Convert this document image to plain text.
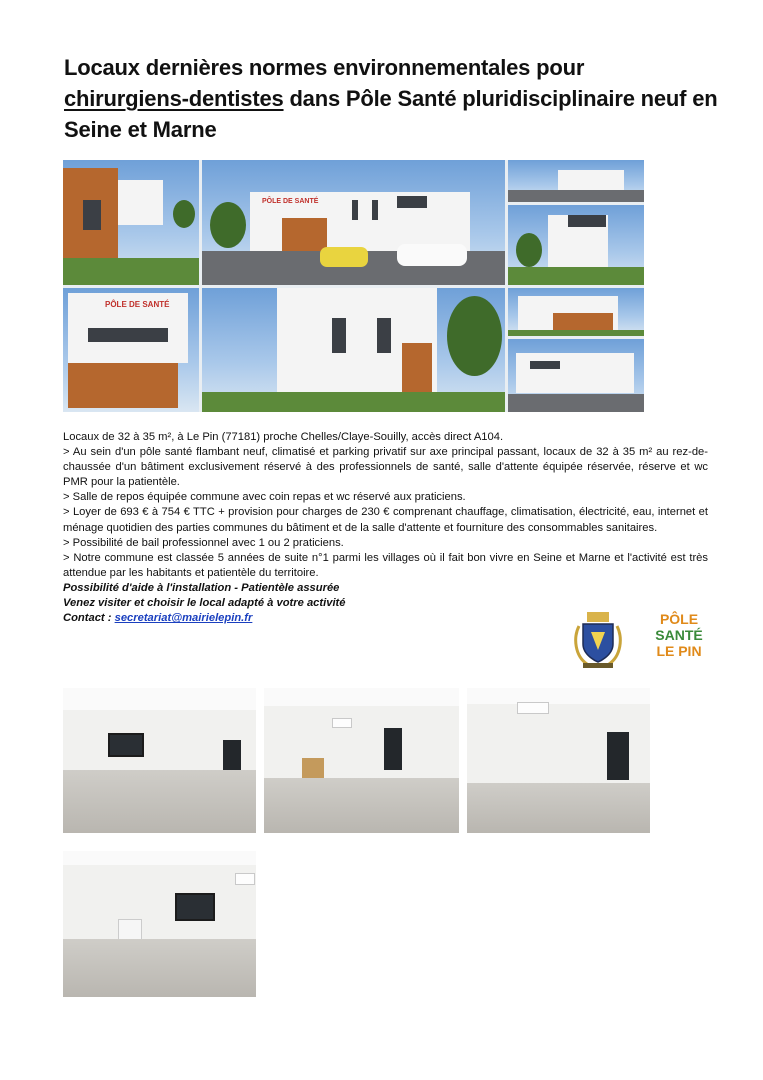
Locaux dernières normes environnementales pour
chirurgiens-dentistes dans Pôle Santé pluridisciplinaire neuf en Seine et Marne
PÔLE DE SANTÉ
PÔLE DE SANTÉ

Locaux de 32 à 35 m², à Le Pin (77181) proche Chelles/Claye-Souilly, accès direct A104.

> Au sein d'un pôle santé flambant neuf, climatisé et parking privatif sur axe principal passant, locaux de 32 à 35 m² au rez-de-chaussée d'un bâtiment exclusivement réservé à des professionnels de santé, salle d'attente équipée réservée, réserve et wc PMR pour la patientèle.

> Salle de repos équipée commune avec coin repas et wc réservé aux praticiens.

> Loyer de 693 € à 754 € TTC + provision pour charges de 230 € comprenant chauffage, climatisation, électricité, eau, internet et ménage quotidien des parties communes du bâtiment et de la salle d'attente et fourniture des consommables sanitaires.

> Possibilité de bail professionnel avec 1 ou 2 praticiens.

> Notre commune est classée 5 années de suite n°1 parmi les villages où il fait bon vivre en Seine et Marne et l'activité est très attendue par les habitants et patientèle du territoire.

Possibilité d'aide à l'installation - Patientèle assurée

Venez visiter et choisir le local adapté à votre activité

Contact : secretariat@mairielepin.fr	PÔLE
SANTÉ
LE PIN
